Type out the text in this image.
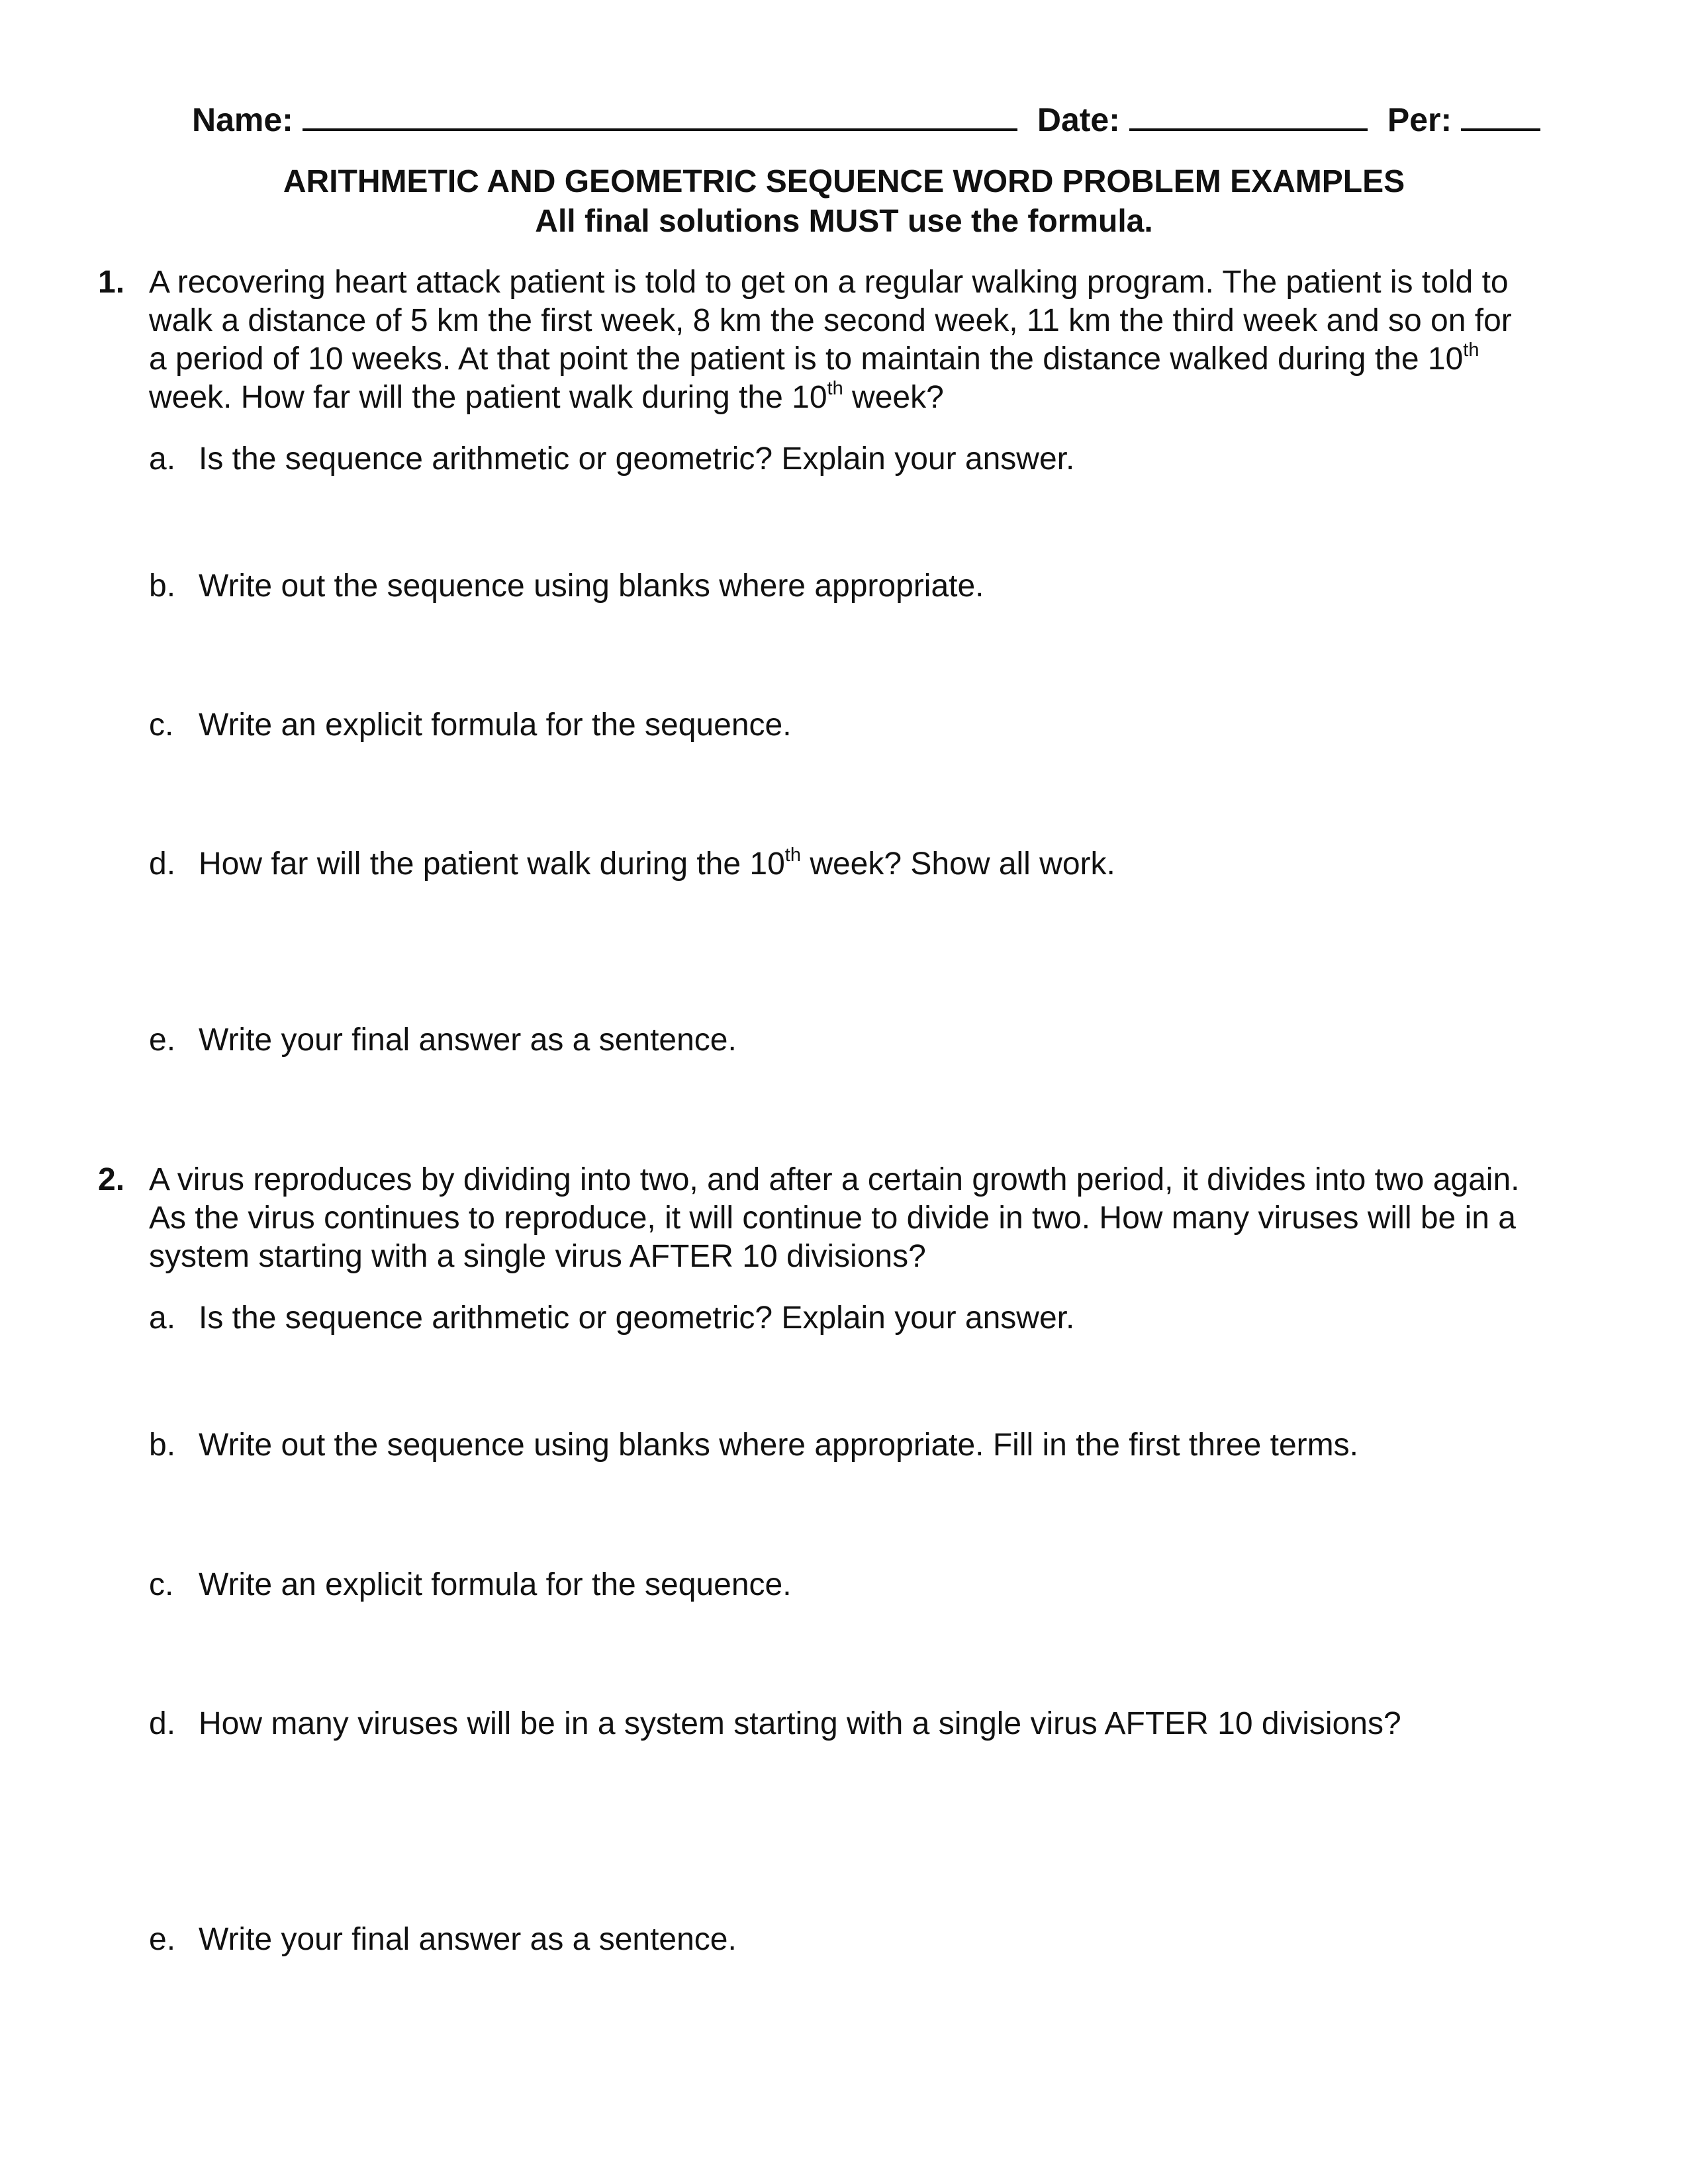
Name:	Date:	Per:
ARITHMETIC AND GEOMETRIC SEQUENCE WORD PROBLEM EXAMPLES
All final solutions MUST use the formula.
1. A recovering heart attack patient is told to get on a regular walking program. The patient is told to
walk a distance of 5 km the first week, 8 km the second week, 11 km the third week and so on for
a period of 10 weeks. At that point the patient is to maintain the distance walked during the 10th
week. How far will the patient walk during the 10th week?
a. Is the sequence arithmetic or geometric? Explain your answer.
b. Write out the sequence using blanks where appropriate.
c. Write an explicit formula for the sequence.
d. How far will the patient walk during the 10th week? Show all work.
e. Write your final answer as a sentence.
2. A virus reproduces by dividing into two, and after a certain growth period, it divides into two again.
As the virus continues to reproduce, it will continue to divide in two. How many viruses will be in a
system starting with a single virus AFTER 10 divisions?
a. Is the sequence arithmetic or geometric? Explain your answer.
b. Write out the sequence using blanks where appropriate. Fill in the first three terms.
c. Write an explicit formula for the sequence.
d. How many viruses will be in a system starting with a single virus AFTER 10 divisions?
e. Write your final answer as a sentence.
